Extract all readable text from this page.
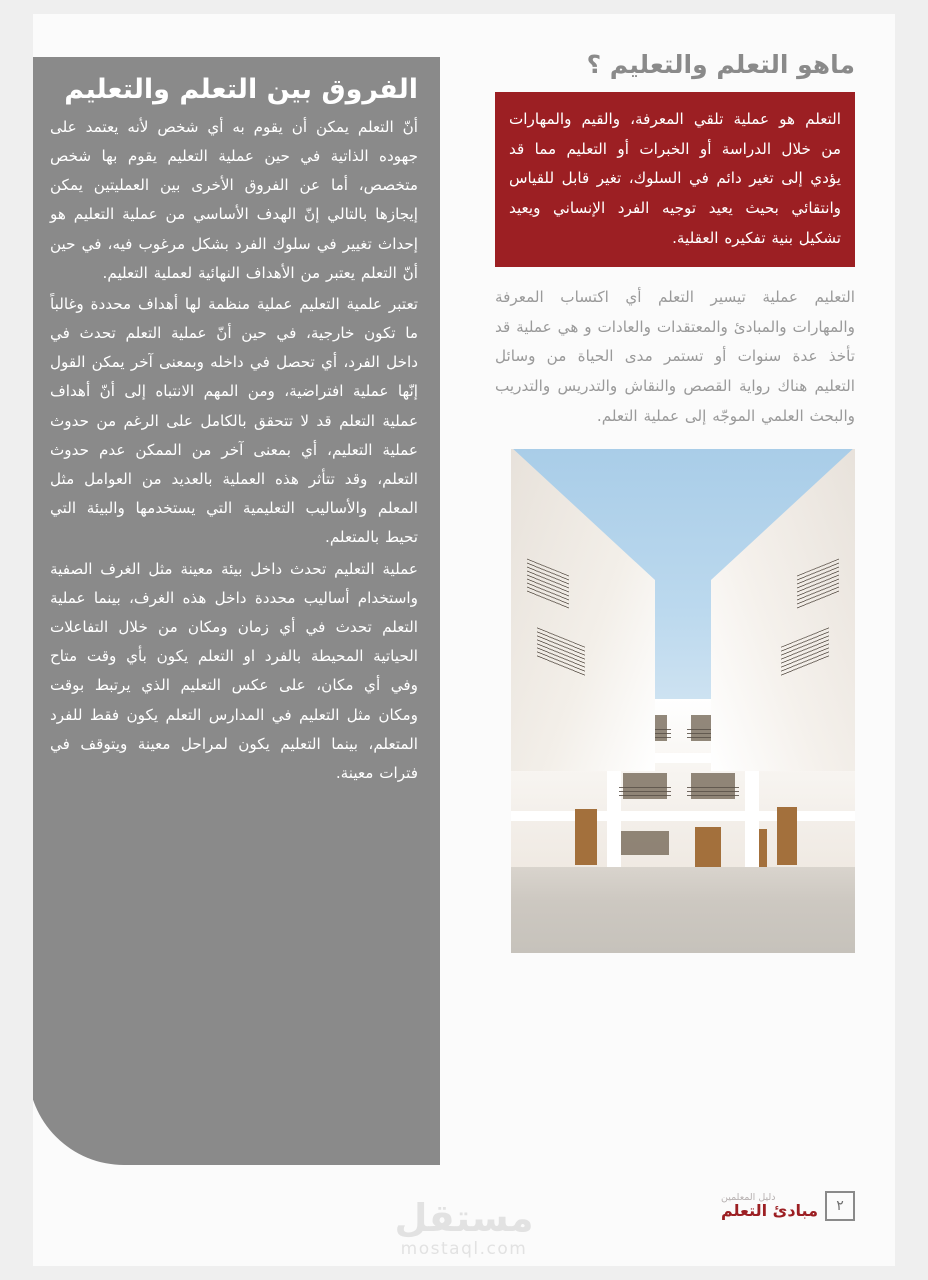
الفروق بين التعلم والتعليم

أنّ التعلم يمكن أن يقوم به أي شخص لأنه يعتمد على جهوده الذاتية في حين عملية التعليم يقوم بها شخص متخصص، أما عن الفروق الأخرى بين العمليتين يمكن إيجازها بالتالي إنّ الهدف الأساسي من عملية التعليم هو إحداث تغيير في سلوك الفرد بشكل مرغوب فيه، في حين أنّ التعلم يعتبر من الأهداف النهائية لعملية التعليم.

تعتبر علمية التعليم عملية منظمة لها أهداف محددة وغالباً ما تكون خارجية، في حين أنّ عملية التعلم تحدث في داخل الفرد، أي تحصل في داخله وبمعنى آخر يمكن القول إنّها عملية افتراضية، ومن المهم الانتباه إلى أنّ أهداف عملية التعلم قد لا تتحقق بالكامل على الرغم من حدوث عملية التعليم، أي بمعنى آخر من الممكن عدم حدوث التعلم، وقد تتأثر هذه العملية بالعديد من العوامل مثل المعلم والأساليب التعليمية التي يستخدمها والبيئة التي تحيط بالمتعلم.

عملية التعليم تحدث داخل بيئة معينة مثل الغرف الصفية واستخدام أساليب محددة داخل هذه الغرف، بينما عملية التعلم تحدث في أي زمان ومكان من خلال التفاعلات الحياتية المحيطة بالفرد او التعلم يكون بأي وقت متاح وفي أي مكان، على عكس التعليم الذي يرتبط بوقت ومكان مثل التعليم في المدارس التعلم يكون فقط للفرد المتعلم، بينما التعليم يكون لمراحل معينة ويتوقف في فترات معينة.

ماهو التعلم والتعليم ؟
التعلم هو عملية تلقي المعرفة، والقيم والمهارات من خلال الدراسة أو الخبرات أو التعليم مما قد يؤدي إلى تغير دائم في السلوك، تغير قابل للقياس وانتقائي بحيث يعيد توجيه الفرد الإنساني ويعيد تشكيل بنية تفكيره العقلية.
التعليم عملية تيسير التعلم أي اكتساب المعرفة والمهارات والمبادئ والمعتقدات والعادات و هي عملية قد تأخذ عدة سنوات أو تستمر مدى الحياة من وسائل التعليم هناك رواية القصص والنقاش والتدريس والتدريب والبحث العلمي الموجّه إلى عملية التعلم.
٢
دليل المعلمين
مبادئ التعلم
مستقل
mostaql.com
